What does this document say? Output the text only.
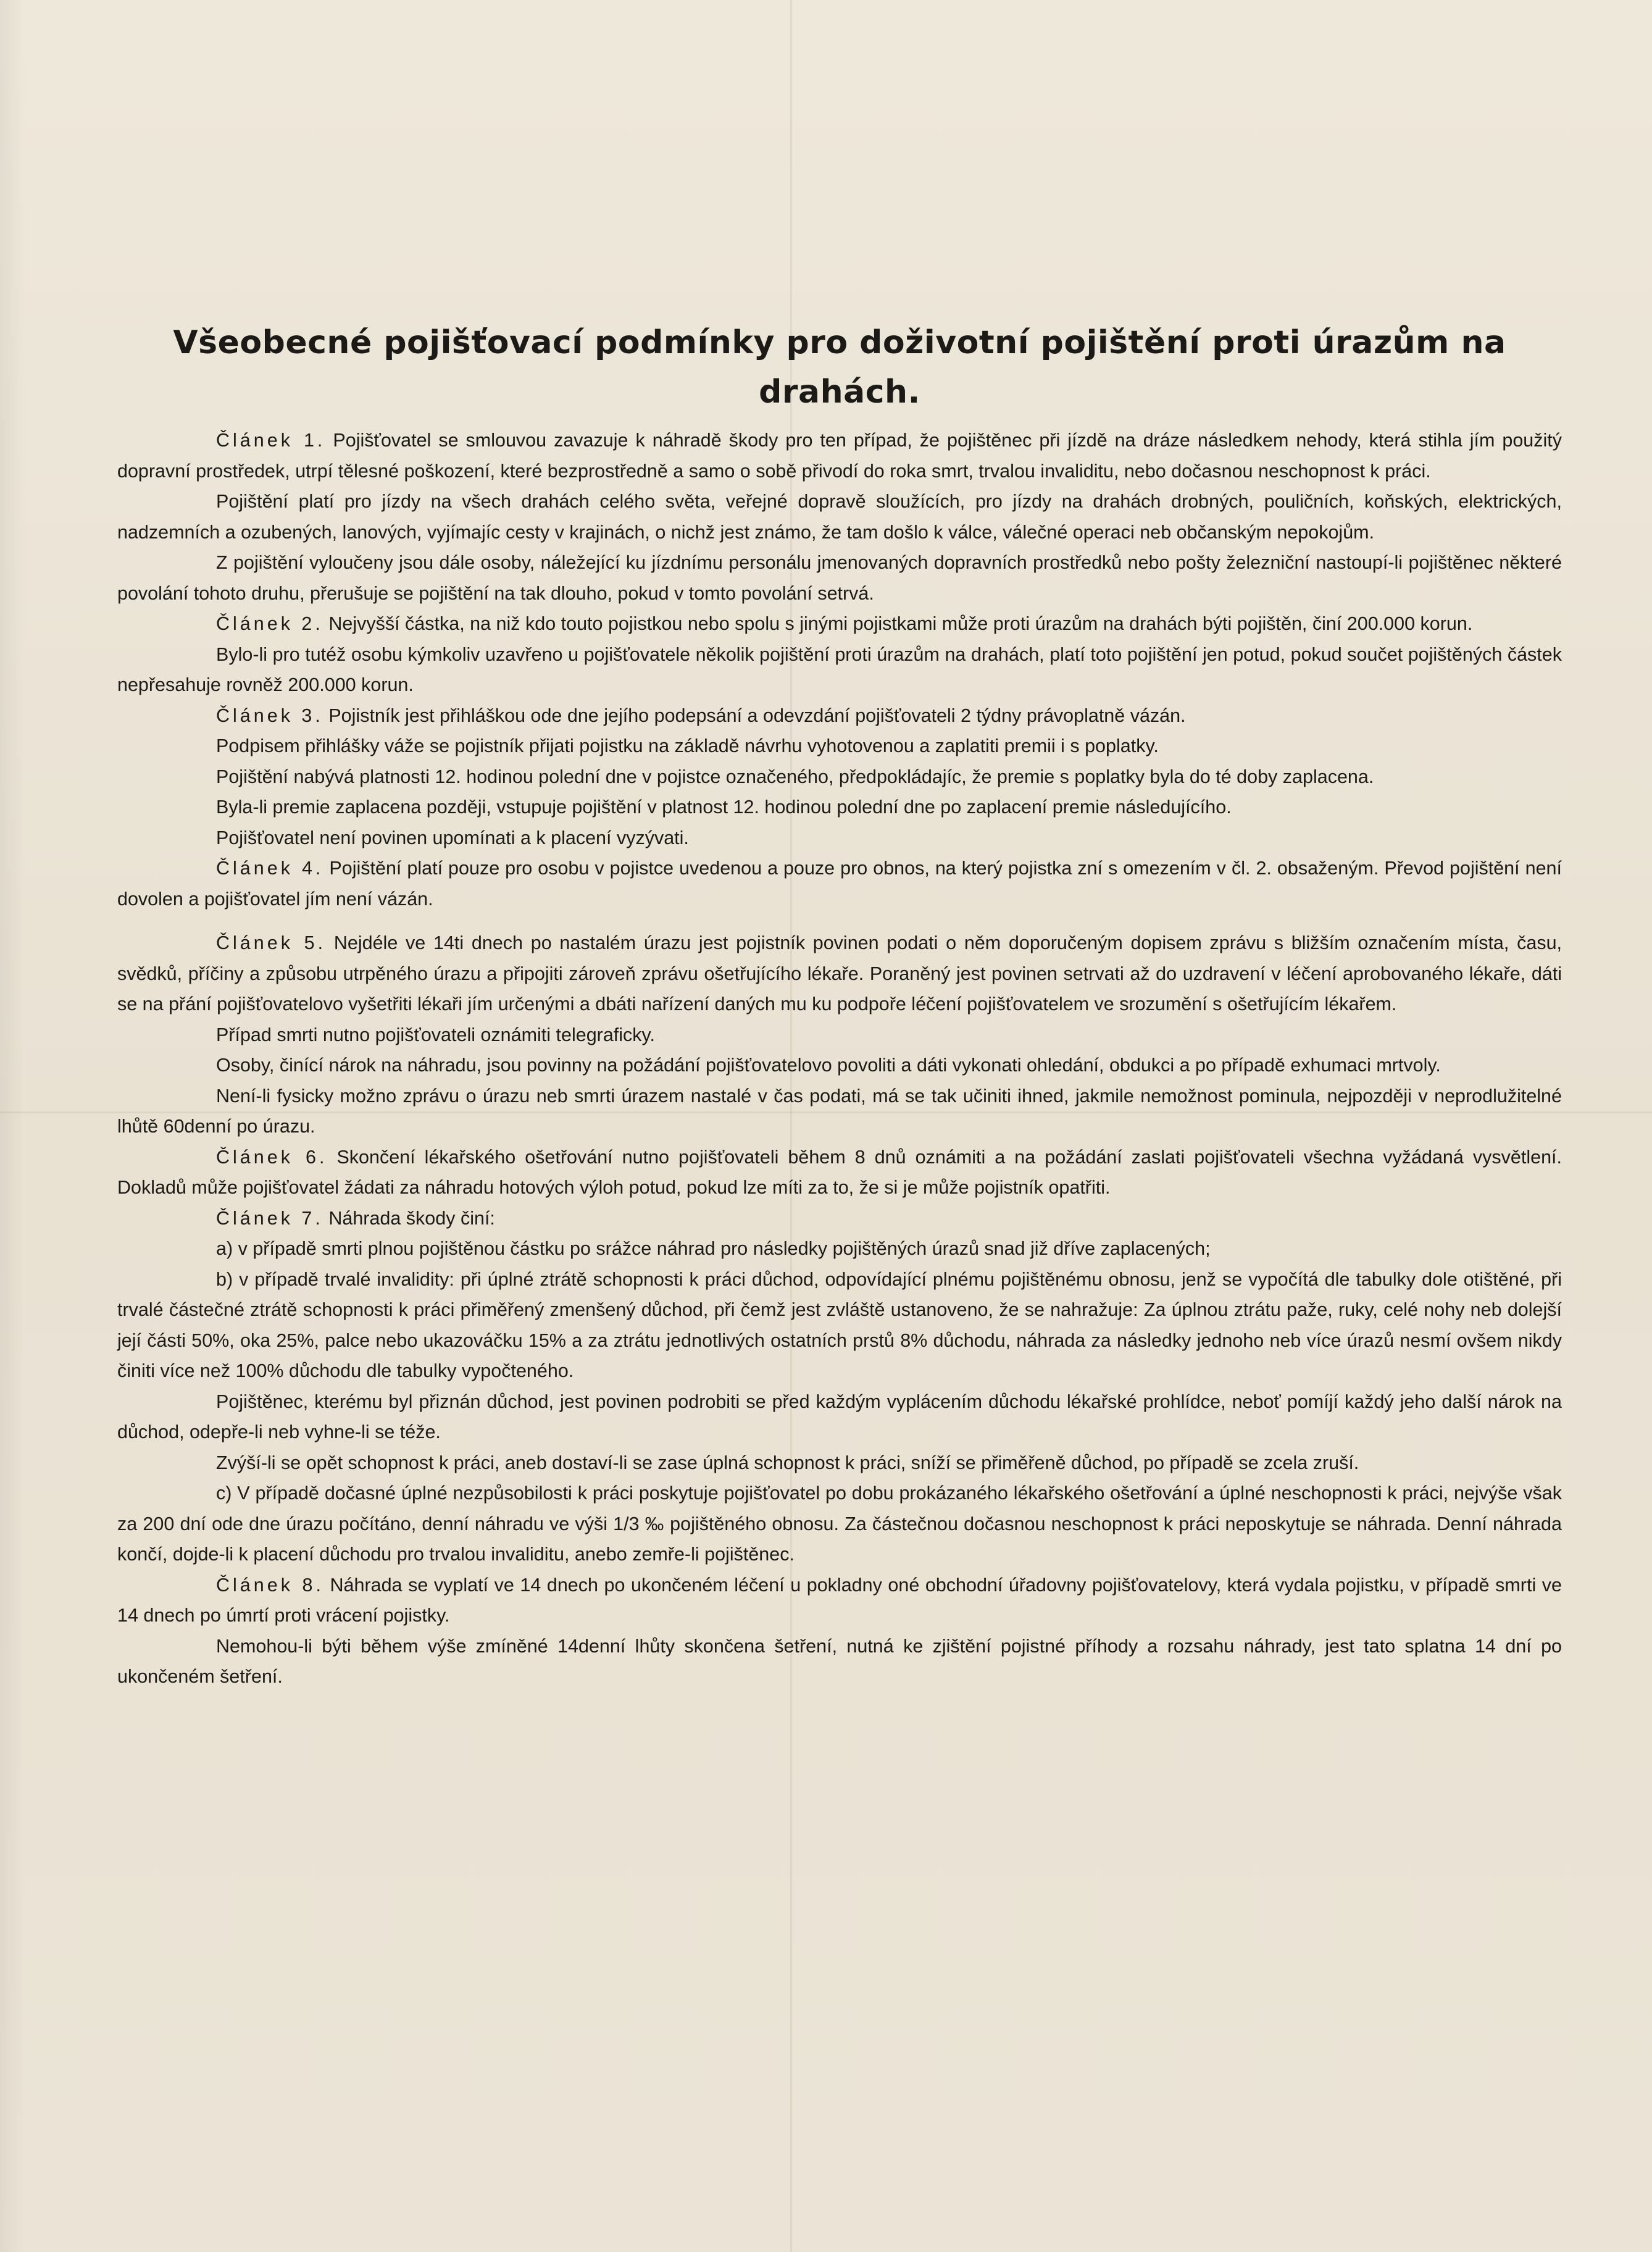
Všeobecné pojišťovací podmínky pro doživotní pojištění proti úrazům na drahách.

Článek 1. Pojišťovatel se smlouvou zavazuje k náhradě škody pro ten případ, že pojištěnec při jízdě na dráze následkem nehody, která stihla jím použitý dopravní prostředek, utrpí tělesné poškození, které bezprostředně a samo o sobě přivodí do roka smrt, trvalou invaliditu, nebo dočasnou neschopnost k práci.

Pojištění platí pro jízdy na všech drahách celého světa, veřejné dopravě sloužících, pro jízdy na drahách drobných, pouličních, koňských, elektrických, nadzemních a ozubených, lanových, vyjímajíc cesty v krajinách, o nichž jest známo, že tam došlo k válce, válečné operaci neb občanským nepokojům.

Z pojištění vyloučeny jsou dále osoby, náležející ku jízdnímu personálu jmenovaných dopravních prostředků nebo pošty železniční nastoupí-li pojištěnec některé povolání tohoto druhu, přerušuje se pojištění na tak dlouho, pokud v tomto povolání setrvá.

Článek 2. Nejvyšší částka, na niž kdo touto pojistkou nebo spolu s jinými pojistkami může proti úrazům na drahách býti pojištěn, činí 200.000 korun.

Bylo-li pro tutéž osobu kýmkoliv uzavřeno u pojišťovatele několik pojištění proti úrazům na drahách, platí toto pojištění jen potud, pokud součet pojištěných částek nepřesahuje rovněž 200.000 korun.

Článek 3. Pojistník jest přihláškou ode dne jejího podepsání a odevzdání pojišťovateli 2 týdny právoplatně vázán.

Podpisem přihlášky váže se pojistník přijati pojistku na základě návrhu vyhotovenou a zaplatiti premii i s poplatky.

Pojištění nabývá platnosti 12. hodinou polední dne v pojistce označeného, předpokládajíc, že premie s poplatky byla do té doby zaplacena.

Byla-li premie zaplacena později, vstupuje pojištění v platnost 12. hodinou polední dne po zaplacení premie následujícího.

Pojišťovatel není povinen upomínati a k placení vyzývati.

Článek 4. Pojištění platí pouze pro osobu v pojistce uvedenou a pouze pro obnos, na který pojistka zní s omezením v čl. 2. obsaženým. Převod pojištění není dovolen a pojišťovatel jím není vázán.

Článek 5. Nejdéle ve 14ti dnech po nastalém úrazu jest pojistník povinen podati o něm doporučeným dopisem zprávu s bližším označením místa, času, svědků, příčiny a způsobu utrpěného úrazu a připojiti zároveň zprávu ošetřujícího lékaře. Poraněný jest povinen setrvati až do uzdravení v léčení aprobovaného lékaře, dáti se na přání pojišťovatelovo vyšetřiti lékaři jím určenými a dbáti nařízení daných mu ku podpoře léčení pojišťovatelem ve srozumění s ošetřujícím lékařem.

Případ smrti nutno pojišťovateli oznámiti telegraficky.

Osoby, činící nárok na náhradu, jsou povinny na požádání pojišťovatelovo povoliti a dáti vykonati ohledání, obdukci a po případě exhumaci mrtvoly.

Není-li fysicky možno zprávu o úrazu neb smrti úrazem nastalé v čas podati, má se tak učiniti ihned, jakmile nemožnost pominula, nejpozději v neprodlužitelné lhůtě 60denní po úrazu.

Článek 6. Skončení lékařského ošetřování nutno pojišťovateli během 8 dnů oznámiti a na požádání zaslati pojišťovateli všechna vyžádaná vysvětlení. Dokladů může pojišťovatel žádati za náhradu hotových výloh potud, pokud lze míti za to, že si je může pojistník opatřiti.

Článek 7. Náhrada škody činí:

a) v případě smrti plnou pojištěnou částku po srážce náhrad pro následky pojištěných úrazů snad již dříve zaplacených;

b) v případě trvalé invalidity: při úplné ztrátě schopnosti k práci důchod, odpovídající plnému pojištěnému obnosu, jenž se vypočítá dle tabulky dole otištěné, při trvalé částečné ztrátě schopnosti k práci přiměřený zmenšený důchod, při čemž jest zvláště ustanoveno, že se nahražuje: Za úplnou ztrátu paže, ruky, celé nohy neb dolejší její části 50%, oka 25%, palce nebo ukazováčku 15% a za ztrátu jednotlivých ostatních prstů 8% důchodu, náhrada za následky jednoho neb více úrazů nesmí ovšem nikdy činiti více než 100% důchodu dle tabulky vypočteného.

Pojištěnec, kterému byl přiznán důchod, jest povinen podrobiti se před každým vyplácením důchodu lékařské prohlídce, neboť pomíjí každý jeho další nárok na důchod, odepře-li neb vyhne-li se téže.

Zvýší-li se opět schopnost k práci, aneb dostaví-li se zase úplná schopnost k práci, sníží se přiměřeně důchod, po případě se zcela zruší.

c) V případě dočasné úplné nezpůsobilosti k práci poskytuje pojišťovatel po dobu prokázaného lékařského ošetřování a úplné neschopnosti k práci, nejvýše však za 200 dní ode dne úrazu počítáno, denní náhradu ve výši 1/3 ‰ pojištěného obnosu. Za částečnou dočasnou neschopnost k práci neposkytuje se náhrada. Denní náhrada končí, dojde-li k placení důchodu pro trvalou invaliditu, anebo zemře-li pojištěnec.

Článek 8. Náhrada se vyplatí ve 14 dnech po ukončeném léčení u pokladny oné obchodní úřadovny pojišťovatelovy, která vydala pojistku, v případě smrti ve 14 dnech po úmrtí proti vrácení pojistky.

Nemohou-li býti během výše zmíněné 14denní lhůty skončena šetření, nutná ke zjištění pojistné příhody a rozsahu náhrady, jest tato splatna 14 dní po ukončeném šetření.
